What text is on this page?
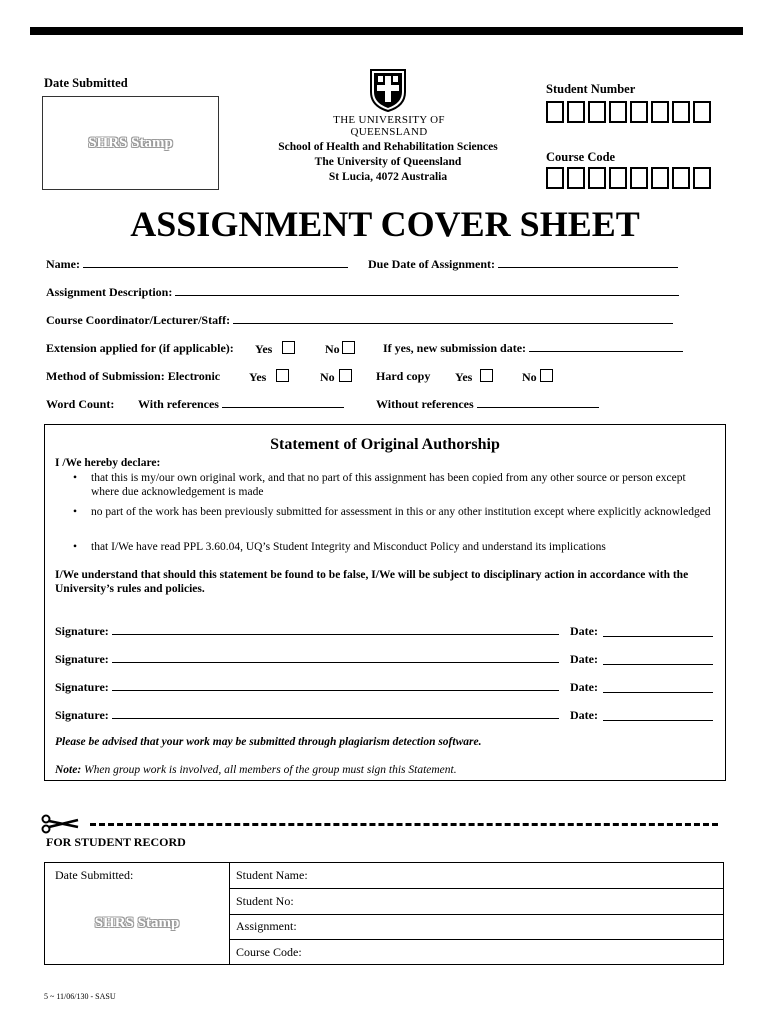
Date Submitted
SHRS Stamp
THE UNIVERSITY OF QUEENSLAND
School of Health and Rehabilitation Sciences
The University of Queensland
St Lucia, 4072 Australia
Student Number
Course Code
ASSIGNMENT COVER SHEET
Name:	Due Date of Assignment:
Assignment Description:
Course Coordinator/Lecturer/Staff:
Extension applied for (if applicable): Yes	No	If yes, new submission date:
Method of Submission: Electronic Yes	No	Hard copy Yes	No
Word Count: With references	Without references
Statement of Original Authorship
I /We hereby declare:
• that this is my/our own original work, and that no part of this assignment has been copied from any other source or person except where due acknowledgement is made
• no part of the work has been previously submitted for assessment in this or any other institution except where explicitly acknowledged
• that I/We have read PPL 3.60.04, UQ’s Student Integrity and Misconduct Policy and understand its implications
I/We understand that should this statement be found to be false, I/We will be subject to disciplinary action in accordance with the University’s rules and policies.
Signature:	Date:
Signature:	Date:
Signature:	Date:
Signature:	Date:
Please be advised that your work may be submitted through plagiarism detection software.
Note: When group work is involved, all members of the group must sign this Statement.
FOR STUDENT RECORD
Date Submitted:
SHRS Stamp
Student Name:
Student No:
Assignment:
Course Code:
5 ~ 11/06/130 - SASU
